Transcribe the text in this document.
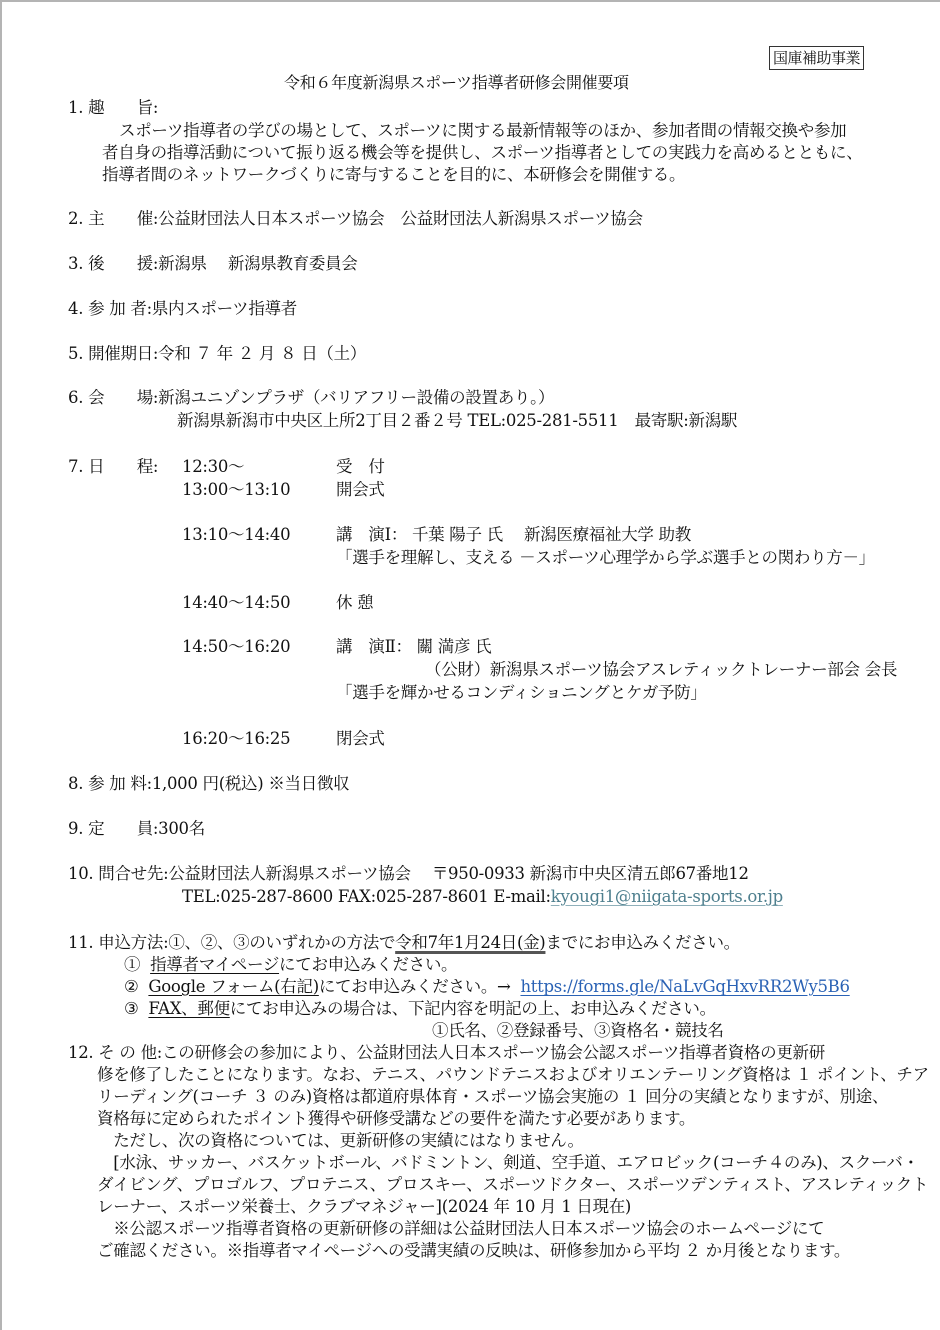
国庫補助事業
令和６年度新潟県スポーツ指導者研修会開催要項
1. 趣　　旨:
スポーツ指導者の学びの場として、スポーツに関する最新情報等のほか、参加者間の情報交換や参加
者自身の指導活動について振り返る機会等を提供し、スポーツ指導者としての実践力を高めるとともに、
指導者間のネットワークづくりに寄与することを目的に、本研修会を開催する。
2. 主　　催:公益財団法人日本スポーツ協会　公益財団法人新潟県スポーツ協会
3. 後　　援:新潟県　 新潟県教育委員会
4. 参 加 者:県内スポーツ指導者
5. 開催期日:令和 ７ 年 ２ 月 ８ 日（土）
6. 会　　場:新潟ユニゾンプラザ（バリアフリー設備の設置あり。）
新潟県新潟市中央区上所2丁目２番２号 TEL:025-281-5511　最寄駅:新潟駅
7. 日　　程: 12:30～	受　付
13:00～13:10	開会式
13:10～14:40	講　演Ⅰ： 千葉 陽子 氏　 新潟医療福祉大学 助教
「選手を理解し、支える －スポーツ心理学から学ぶ選手との関わり方－」
14:40～14:50	休 憩
14:50～16:20	講　演Ⅱ： 關 満彦 氏
（公財）新潟県スポーツ協会アスレティックトレーナー部会 会長
「選手を輝かせるコンディショニングとケガ予防」
16:20～16:25	閉会式
8. 参 加 料:1,000 円(税込) ※当日徴収
9. 定　　員:300名
10. 問合せ先:公益財団法人新潟県スポーツ協会　 〒950-0933 新潟市中央区清五郎67番地12
TEL:025-287-8600 FAX:025-287-8601 E-mail:kyougi1@niigata-sports.or.jp
11. 申込方法:①、②、③のいずれかの方法で令和7年1月24日(金)までにお申込みください。
① 指導者マイページにてお申込みください。
② Google フォーム(右記)にてお申込みください。→  https://forms.gle/NaLvGqHxvRR2Wy5B6
③ FAX、郵便にてお申込みの場合は、下記内容を明記の上、お申込みください。
①氏名、②登録番号、③資格名・競技名
12. そ の 他:この研修会の参加により、公益財団法人日本スポーツ協会公認スポーツ指導者資格の更新研
修を修了したことになります。なお、テニス、パウンドテニスおよびオリエンテーリング資格は １ ポイント、チア
リーディング(コーチ ３ のみ)資格は都道府県体育・スポーツ協会実施の １ 回分の実績となりますが、別途、
資格毎に定められたポイント獲得や研修受講などの要件を満たす必要があります。
　ただし、次の資格については、更新研修の実績にはなりません。
　[水泳、サッカー、バスケットボール、バドミントン、剣道、空手道、エアロビック(コーチ４のみ)、スクーバ・
ダイビング、プロゴルフ、プロテニス、プロスキー、スポーツドクター、スポーツデンティスト、アスレティックト
レーナー、スポーツ栄養士、クラブマネジャー](2024 年 10 月 1 日現在)
　※公認スポーツ指導者資格の更新研修の詳細は公益財団法人日本スポーツ協会のホームページにて
ご確認ください。※指導者マイページへの受講実績の反映は、研修参加から平均 ２ か月後となります。
